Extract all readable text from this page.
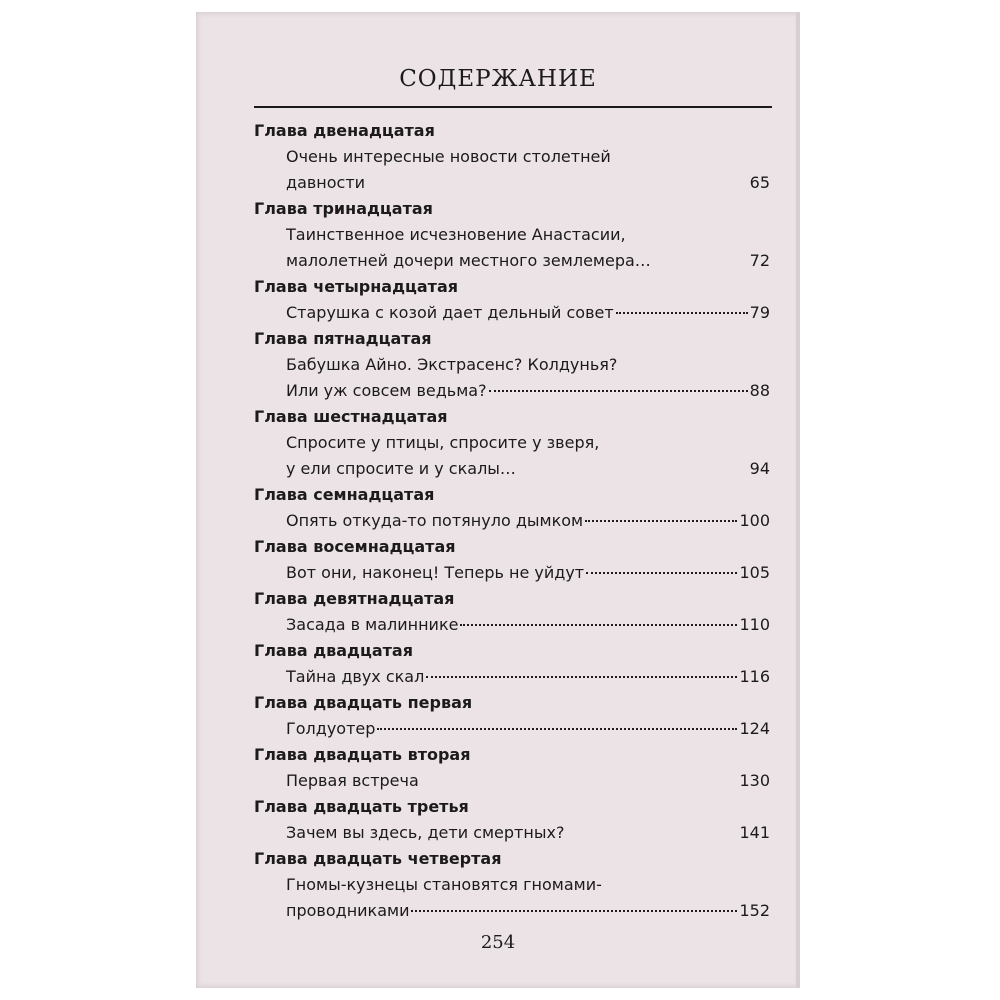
СОДЕРЖАНИЕ
Глава двенадцатая
Очень интересные новости столетней
давности	65
Глава тринадцатая
Таинственное исчезновение Анастасии,
малолетней дочери местного землемера…	72
Глава четырнадцатая
Старушка с козой дает дельный совет	79
Глава пятнадцатая
Бабушка Айно. Экстрасенс? Колдунья?
Или уж совсем ведьма?	88
Глава шестнадцатая
Спросите у птицы, спросите у зверя,
у ели спросите и у скалы…	94
Глава семнадцатая
Опять откуда-то потянуло дымком	100
Глава восемнадцатая
Вот они, наконец! Теперь не уйдут	105
Глава девятнадцатая
Засада в малиннике	110
Глава двадцатая
Тайна двух скал	116
Глава двадцать первая
Голдуотер	124
Глава двадцать вторая
Первая встреча	130
Глава двадцать третья
Зачем вы здесь, дети смертных?	141
Глава двадцать четвертая
Гномы-кузнецы становятся гномами-
проводниками	152
254
